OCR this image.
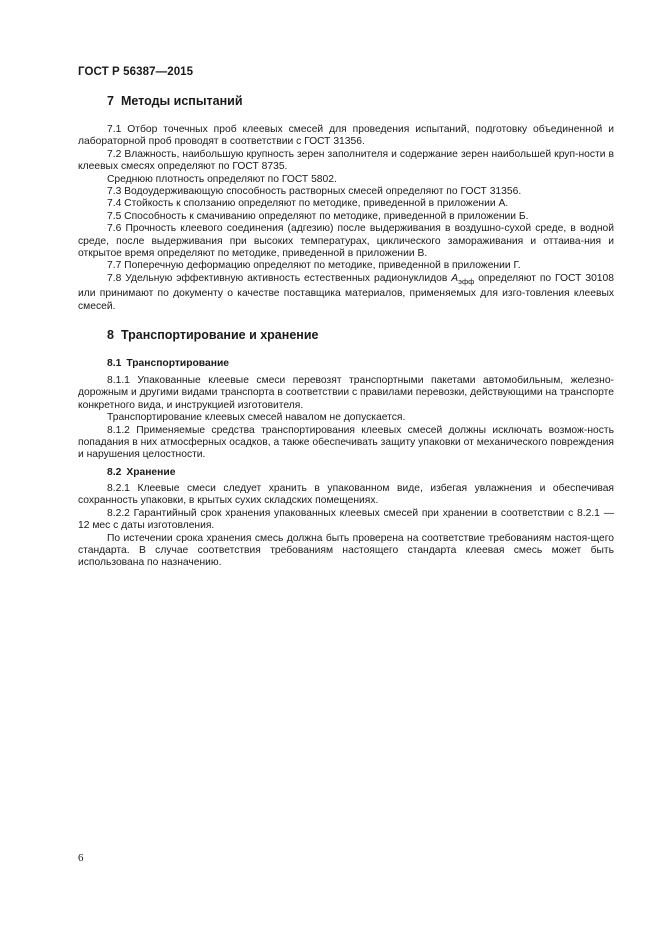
ГОСТ Р 56387—2015
7 Методы испытаний

7.1 Отбор точечных проб клеевых смесей для проведения испытаний, подготовку объединенной и лабораторной проб проводят в соответствии с ГОСТ 31356.

7.2 Влажность, наибольшую крупность зерен заполнителя и содержание зерен наибольшей круп-ности в клеевых смесях определяют по ГОСТ 8735.

Среднюю плотность определяют по ГОСТ 5802.

7.3 Водоудерживающую способность растворных смесей определяют по ГОСТ 31356.

7.4 Стойкость к сползанию определяют по методике, приведенной в приложении А.

7.5 Способность к смачиванию определяют по методике, приведенной в приложении Б.

7.6 Прочность клеевого соединения (адгезию) после выдерживания в воздушно-сухой среде, в водной среде, после выдерживания при высоких температурах, циклического замораживания и оттаива-ния и открытое время определяют по методике, приведенной в приложении В.

7.7 Поперечную деформацию определяют по методике, приведенной в приложении Г.

7.8 Удельную эффективную активность естественных радионуклидов $A_{эфф}$ определяют по ГОСТ 30108 или принимают по документу о качестве поставщика материалов, применяемых для изго-товления клеевых смесей.

8 Транспортирование и хранение
8.1 Транспортирование

8.1.1 Упакованные клеевые смеси перевозят транспортными пакетами автомобильным, железно-дорожным и другими видами транспорта в соответствии с правилами перевозки, действующими на транспорте конкретного вида, и инструкцией изготовителя.

Транспортирование клеевых смесей навалом не допускается.

8.1.2 Применяемые средства транспортирования клеевых смесей должны исключать возмож-ность попадания в них атмосферных осадков, а также обеспечивать защиту упаковки от механического повреждения и нарушения целостности.

8.2 Хранение

8.2.1 Клеевые смеси следует хранить в упакованном виде, избегая увлажнения и обеспечивая сохранность упаковки, в крытых сухих складских помещениях.

8.2.2 Гарантийный срок хранения упакованных клеевых смесей при хранении в соответствии с 8.2.1 — 12 мес с даты изготовления.

По истечении срока хранения смесь должна быть проверена на соответствие требованиям настоя-щего стандарта. В случае соответствия требованиям настоящего стандарта клеевая смесь может быть использована по назначению.

6
